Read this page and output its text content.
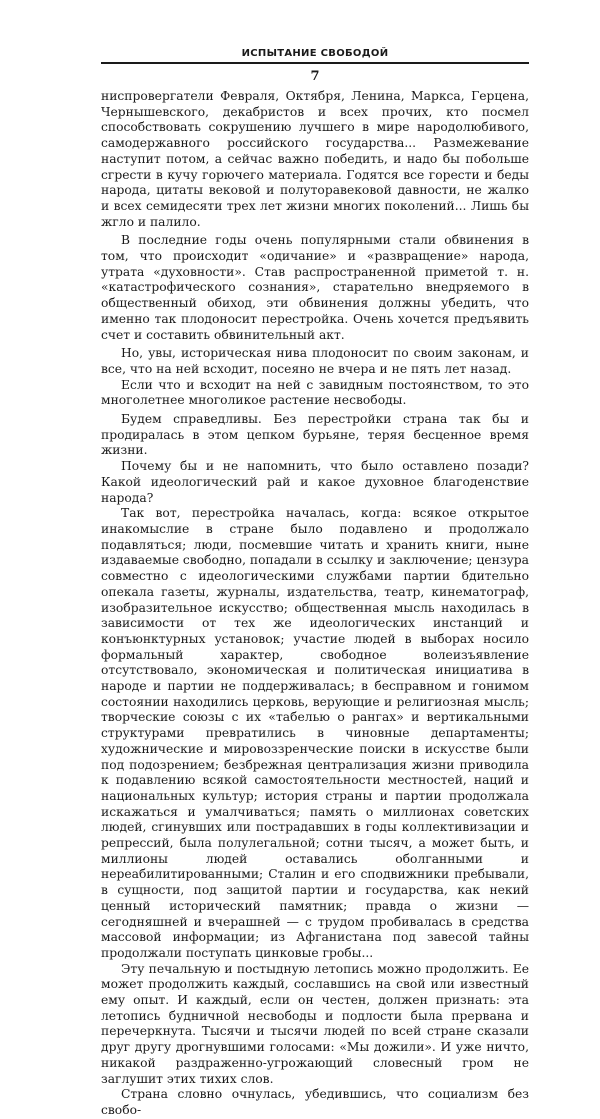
ИСПЫТАНИЕ СВОБОДОЙ
7

ниспровергатели Февраля, Октября, Ленина, Маркса, Герцена, Чернышевского, декабристов и всех прочих, кто посмел способствовать сокрушению лучшего в мире народолюбивого, самодержавного российского государства... Размежевание наступит потом, а сейчас важно победить, и надо бы побольше сгрести в кучу горючего материала. Годятся все горести и беды народа, цитаты вековой и полуторавековой давности, не жалко и всех семидесяти трех лет жизни многих поколений... Лишь бы жгло и палило.

В последние годы очень популярными стали обвинения в том, что происходит «одичание» и «развращение» народа, утрата «духовности». Став распространенной приметой т. н. «катастрофического сознания», старательно внедряемого в общественный обиход, эти обвинения должны убедить, что именно так плодоносит перестройка. Очень хочется предъявить счет и составить обвинительный акт.

Но, увы, историческая нива плодоносит по своим законам, и все, что на ней всходит, посеяно не вчера и не пять лет назад.

Если что и всходит на ней с завидным постоянством, то это многолетнее многоликое растение несвободы.

Будем справедливы. Без перестройки страна так бы и продиралась в этом цепком бурьяне, теряя бесценное время жизни.

Почему бы и не напомнить, что было оставлено позади? Какой идеологический рай и какое духовное благоденствие народа?

Так вот, перестройка началась, когда: всякое открытое инакомыслие в стране было подавлено и продолжало подавляться; люди, посмевшие читать и хранить книги, ныне издаваемые свободно, попадали в ссылку и заключение; цензура совместно с идеологическими службами партии бдительно опекала газеты, журналы, издательства, театр, кинематограф, изобразительное искусство; общественная мысль находилась в зависимости от тех же идеологических инстанций и конъюнктурных установок; участие людей в выборах носило формальный характер, свободное волеизъявление отсутствовало, экономическая и политическая инициатива в народе и партии не поддерживалась; в бесправном и гонимом состоянии находились церковь, верующие и религиозная мысль; творческие союзы с их «табелью о рангах» и вертикальными структурами превратились в чиновные департаменты; художнические и мировоззренческие поиски в искусстве были под подозрением; безбрежная централизация жизни приводила к подавлению всякой самостоятельности местностей, наций и национальных культур; история страны и партии продолжала искажаться и умалчиваться; память о миллионах советских людей, сгинувших или пострадавших в годы коллективизации и репрессий, была полулегальной; сотни тысяч, а может быть, и миллионы людей оставались оболганными и нереабилитированными; Сталин и его сподвижники пребывали, в сущности, под защитой партии и государства, как некий ценный исторический памятник; правда о жизни — сегодняшней и вчерашней — с трудом пробивалась в средства массовой информации; из Афганистана под завесой тайны продолжали поступать цинковые гробы...

Эту печальную и постыдную летопись можно продолжить. Ее может продолжить каждый, сославшись на свой или известный ему опыт. И каждый, если он честен, должен признать: эта летопись будничной несвободы и подлости была прервана и перечеркнута. Тысячи и тысячи людей по всей стране сказали друг другу дрогнувшими голосами: «Мы дожили». И уже ничто, никакой раздраженно-угрожающий словесный гром не заглушит этих тихих слов.

Страна словно очнулась, убедившись, что социализм без свобо-
